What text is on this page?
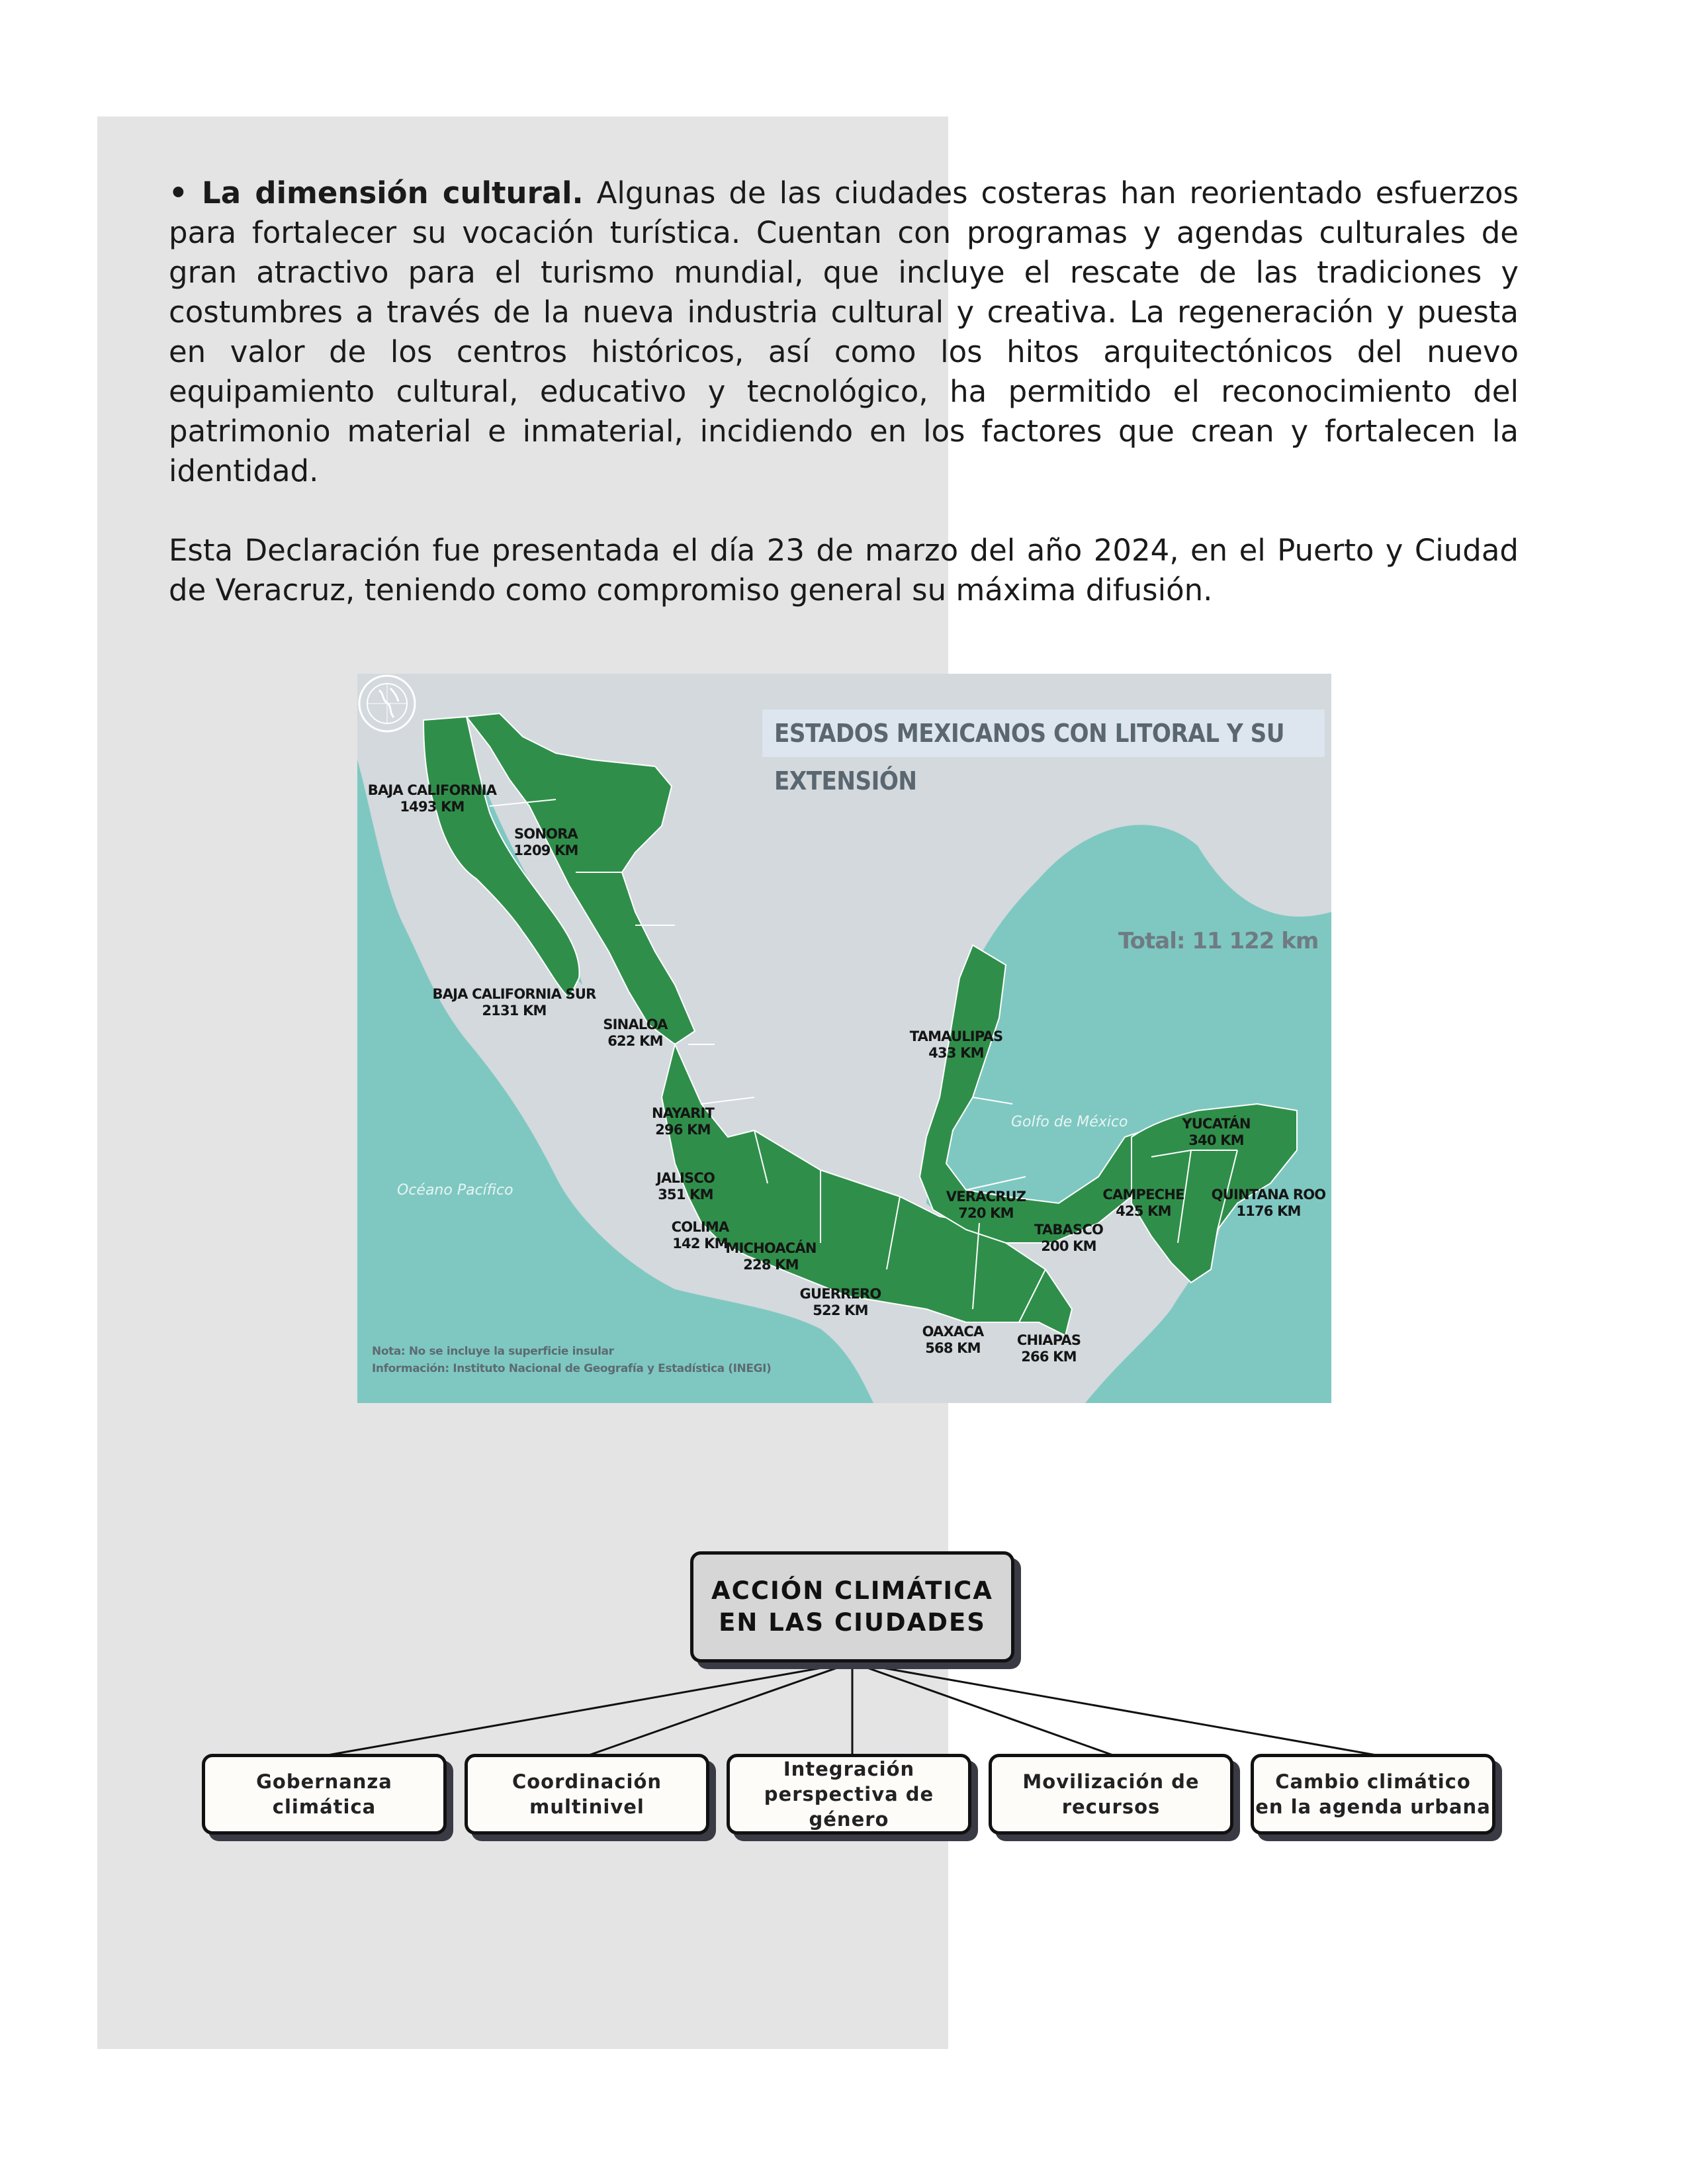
• La dimensión cultural. Algunas de las ciudades costeras han reorientado esfuerzos para fortalecer su vocación turística. Cuentan con programas y agendas culturales de gran atractivo para el turismo mundial, que incluye el rescate de las tradiciones y costumbres a través de la nueva industria cultural y creativa. La regeneración y puesta en valor de los centros históricos, así como los hitos arquitectónicos del nuevo equipamiento cultural, educativo y tecnológico, ha permitido el reconocimiento del patrimonio material e inmaterial, incidiendo en los factores que crean y fortalecen la identidad.

Esta Declaración fue presentada el día 23 de marzo del año 2024, en el Puerto y Ciudad de Veracruz, teniendo como compromiso general su máxima difusión.

ESTADOS MEXICANOS CON LITORAL Y SU EXTENSIÓN
Total: 11 122 km
Golfo de México
Océano Pacífico
BAJA CALIFORNIA
1493 KM
SONORA
1209 KM
BAJA CALIFORNIA SUR
2131 KM
SINALOA
622 KM
NAYARIT
296 KM
JALISCO
351 KM
COLIMA
142 KM
MICHOACÁN
228 KM
GUERRERO
522 KM
OAXACA
568 KM	CHIAPAS
266 KM
TAMAULIPAS
433 KM
VERACRUZ
720 KM
TABASCO
200 KM
CAMPECHE
425 KM
YUCATÁN
340 KM
QUINTANA ROO
1176 KM
Nota: No se incluye la superficie insular
Información: Instituto Nacional de Geografía y Estadística (INEGI)
ACCIÓN CLIMÁTICA
EN LAS CIUDADES
Gobernanza
climática
Coordinación
multinivel
Integración
perspectiva de
género
Movilización de
recursos
Cambio climático
en la agenda urbana
